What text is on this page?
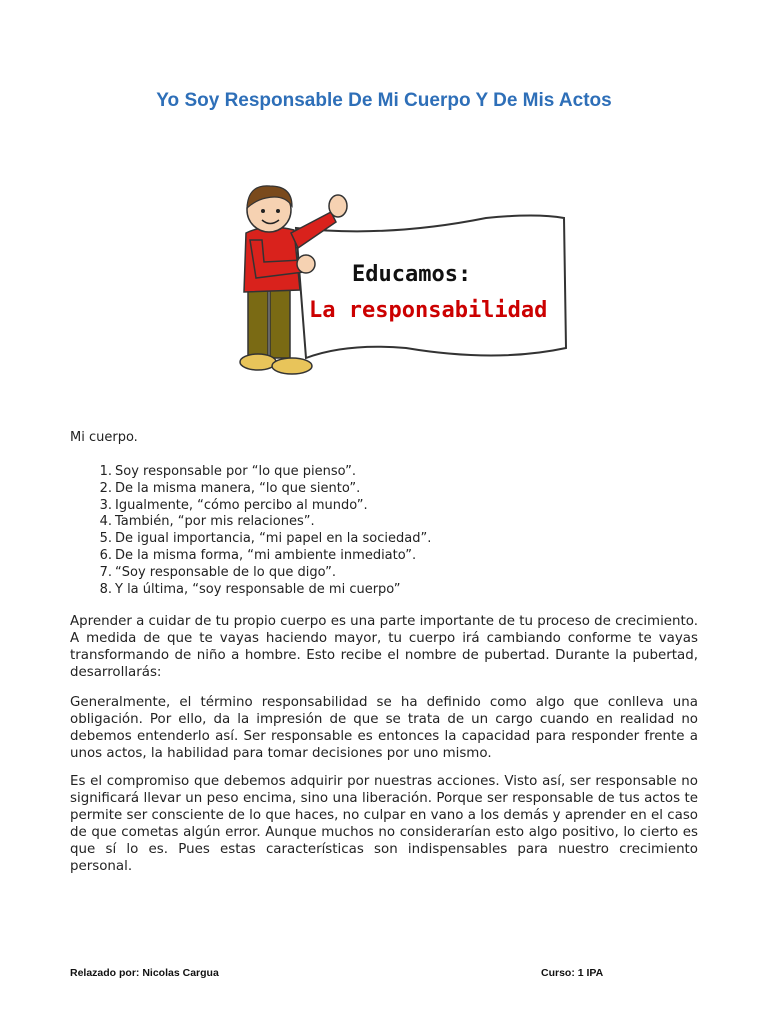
Yo Soy Responsable De Mi Cuerpo Y De Mis Actos
Educamos:
La responsabilidad
Mi cuerpo.
1. Soy responsable por “lo que pienso”.
2. De la misma manera, “lo que siento”.
3. Igualmente, “cómo percibo al mundo”.
4. También, “por mis relaciones”.
5. De igual importancia, “mi papel en la sociedad”.
6. De la misma forma, “mi ambiente inmediato”.
7. “Soy responsable de lo que digo”.
8. Y la última, “soy responsable de mi cuerpo”

Aprender a cuidar de tu propio cuerpo es una parte importante de tu proceso de crecimiento. A medida de que te vayas haciendo mayor, tu cuerpo irá cambiando conforme te vayas transformando de niño a hombre. Esto recibe el nombre de pubertad. Durante la pubertad, desarrollarás:

Generalmente, el término responsabilidad se ha definido como algo que conlleva una obligación. Por ello, da la impresión de que se trata de un cargo cuando en realidad no debemos entenderlo así. Ser responsable es entonces la capacidad para responder frente a unos actos, la habilidad para tomar decisiones por uno mismo.

Es el compromiso que debemos adquirir por nuestras acciones. Visto así, ser responsable no significará llevar un peso encima, sino una liberación. Porque ser responsable de tus actos te permite ser consciente de lo que haces, no culpar en vano a los demás y aprender en el caso de que cometas algún error. Aunque muchos no considerarían esto algo positivo, lo cierto es que sí lo es. Pues estas características son indispensables para nuestro crecimiento personal.

Relazado por: Nicolas Cargua	Curso: 1 IPA
